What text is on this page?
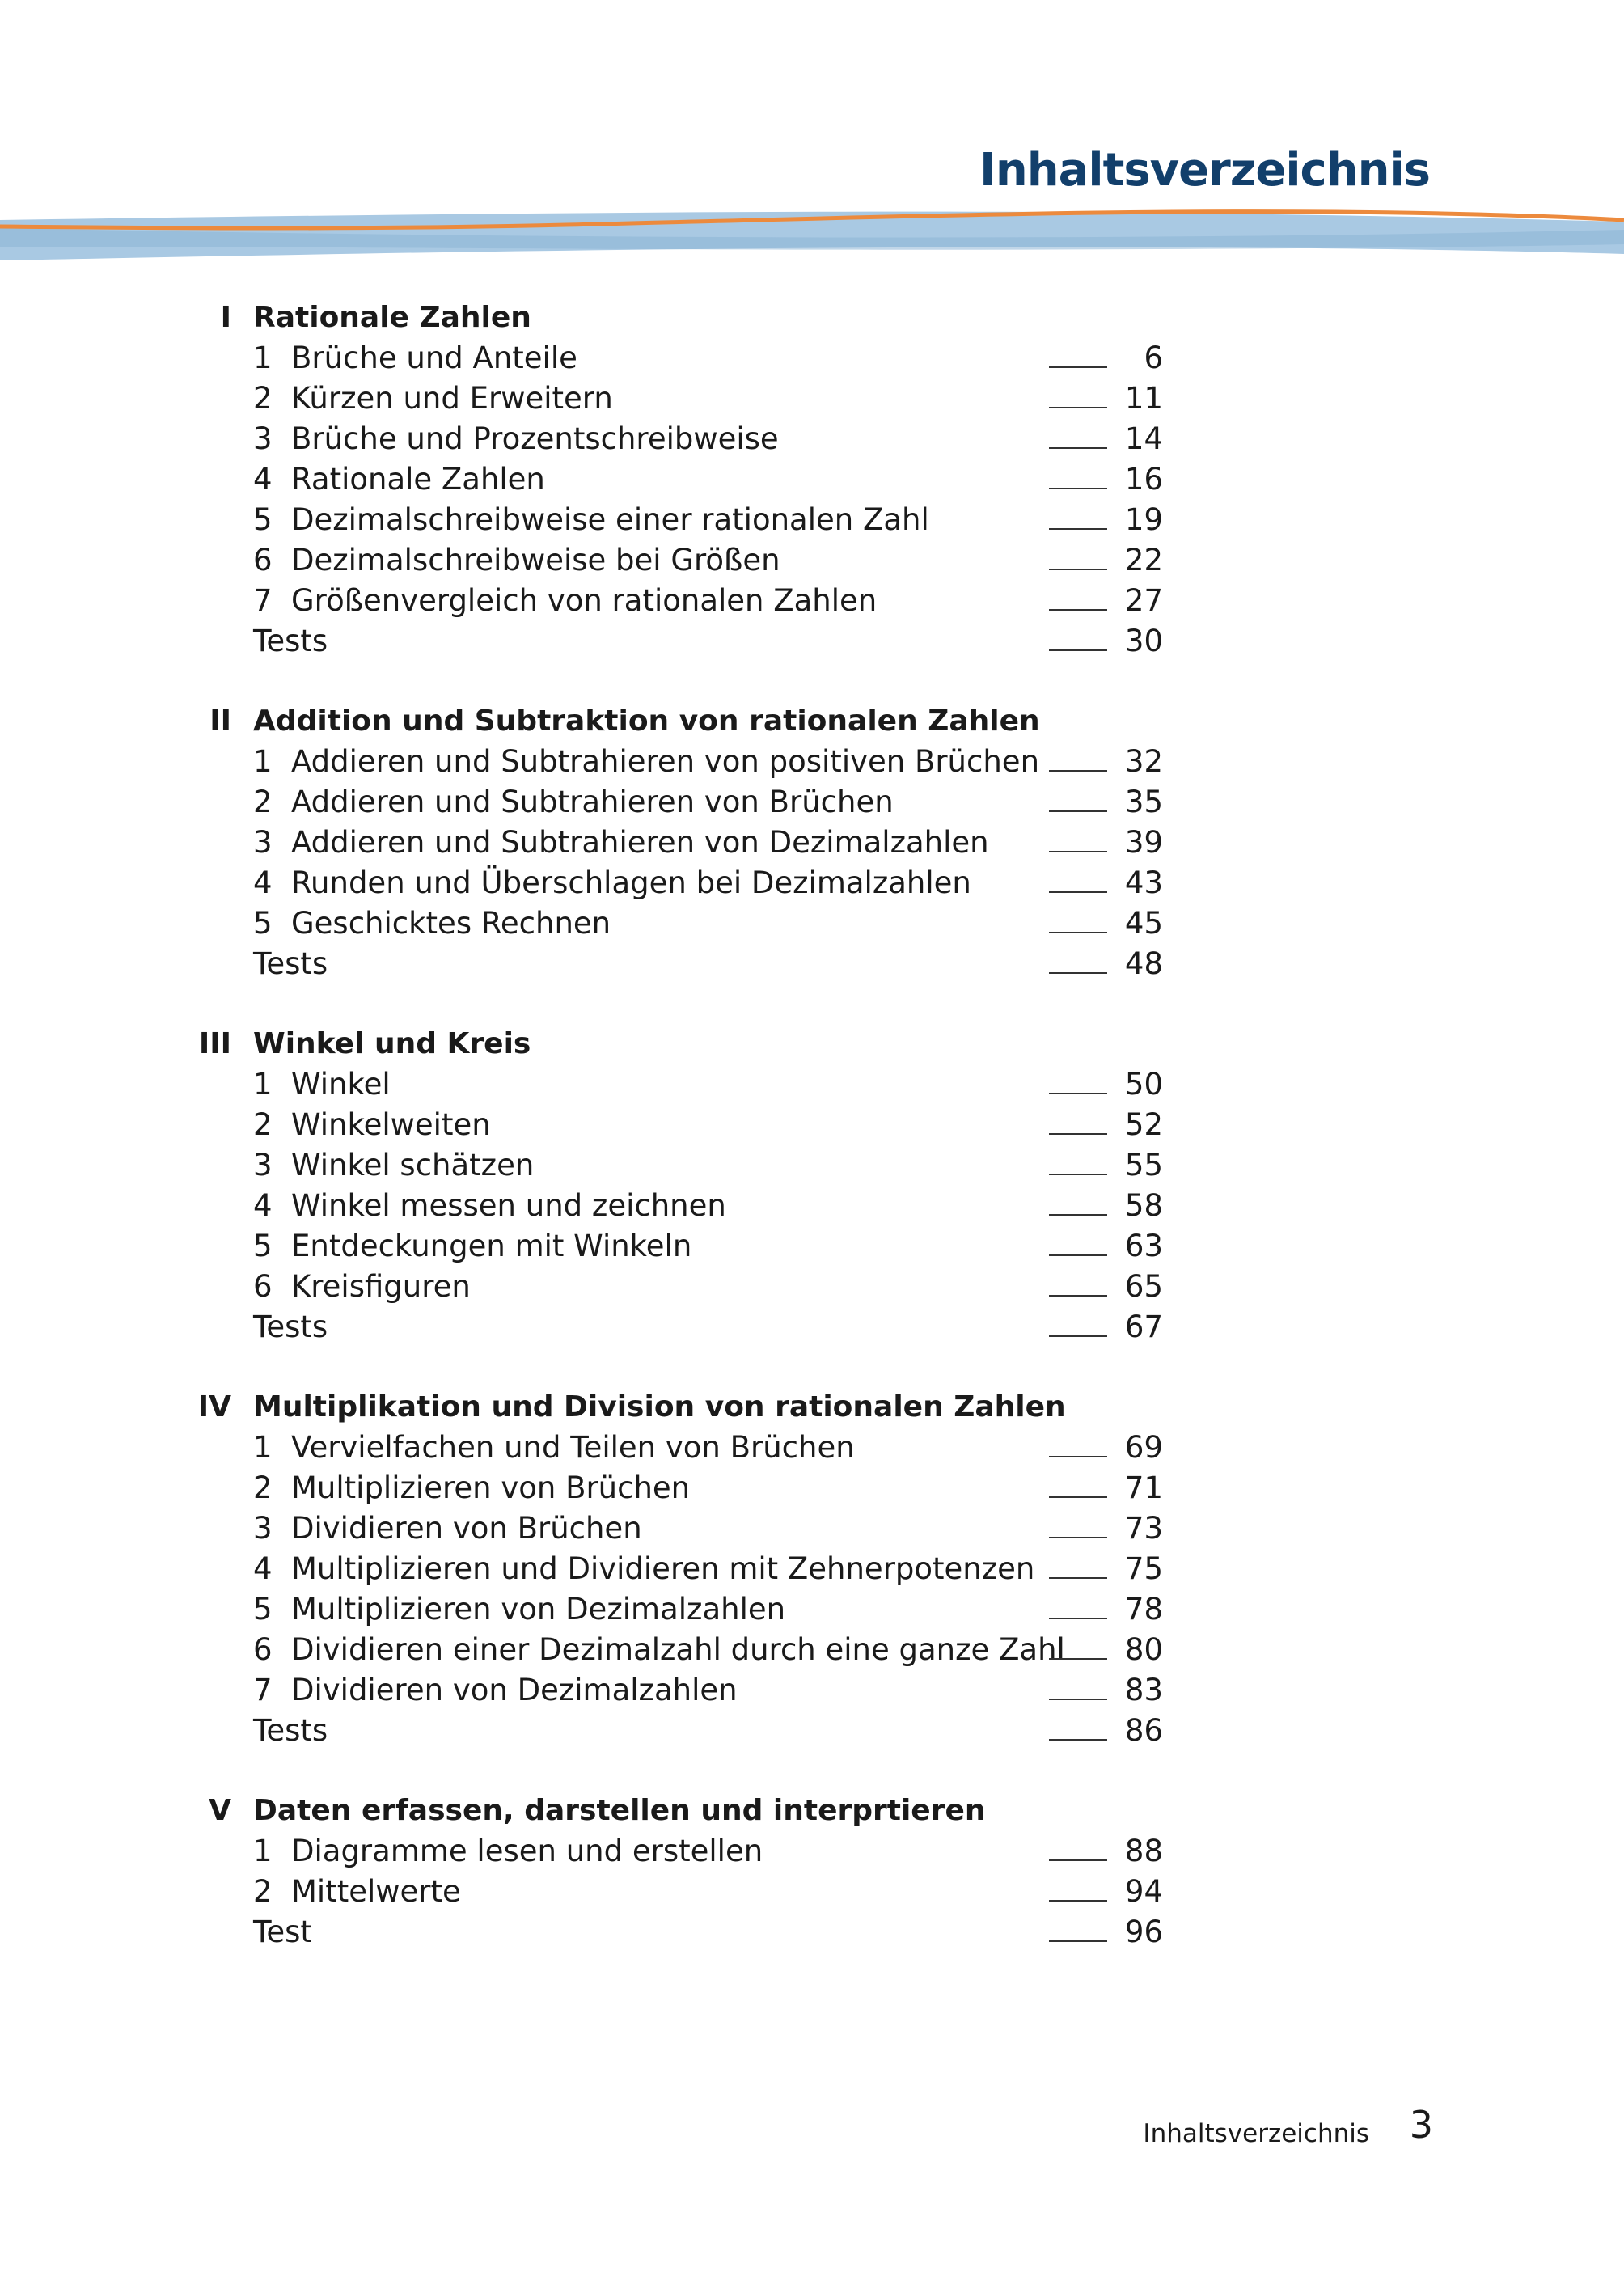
Inhaltsverzeichnis
I Rationale Zahlen
1 Brüche und Anteile	6
2 Kürzen und Erweitern	11
3 Brüche und Prozentschreibweise	14
4 Rationale Zahlen	16
5 Dezimalschreibweise einer rationalen Zahl	19
6 Dezimalschreibweise bei Größen	22
7 Größenvergleich von rationalen Zahlen	27
Tests	30
II Addition und Subtraktion von rationalen Zahlen
1 Addieren und Subtrahieren von positiven Brüchen	32
2 Addieren und Subtrahieren von Brüchen	35
3 Addieren und Subtrahieren von Dezimalzahlen	39
4 Runden und Überschlagen bei Dezimalzahlen	43
5 Geschicktes Rechnen	45
Tests	48
III Winkel und Kreis
1 Winkel	50
2 Winkelweiten	52
3 Winkel schätzen	55
4 Winkel messen und zeichnen	58
5 Entdeckungen mit Winkeln	63
6 Kreisfiguren	65
Tests	67
IV Multiplikation und Division von rationalen Zahlen
1 Vervielfachen und Teilen von Brüchen	69
2 Multiplizieren von Brüchen	71
3 Dividieren von Brüchen	73
4 Multiplizieren und Dividieren mit Zehnerpotenzen	75
5 Multiplizieren von Dezimalzahlen	78
6 Dividieren einer Dezimalzahl durch eine ganze Zahl 80
7 Dividieren von Dezimalzahlen	83
Tests	86
V Daten erfassen, darstellen und interprtieren
1 Diagramme lesen und erstellen	88
2 Mittelwerte	94
Test	96
Inhaltsverzeichnis 3
